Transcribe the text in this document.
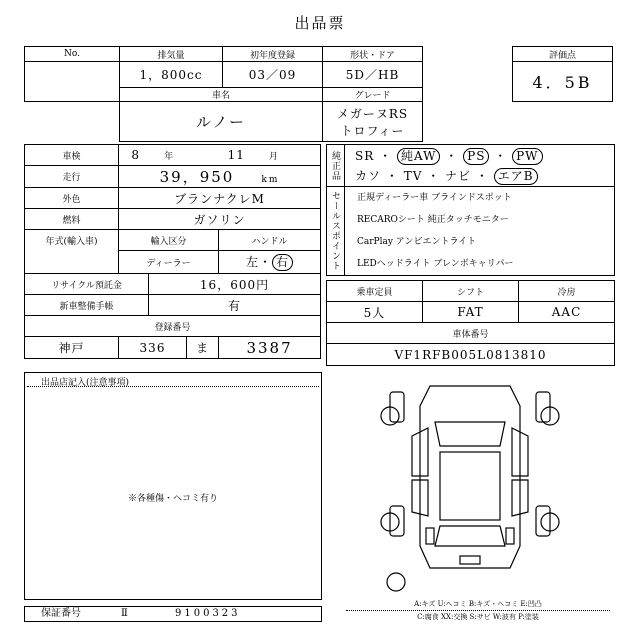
出品票
No.	排気量	初年度登録	形状・ドア		評価点
	1，800cc	03／09	5D／HB		4．5B
	車名		グレード		
	ルノー		メガーヌRS
トロフィー		

車検	8 年		11 月	
走行	39，950 km			
外色	ブランナクレM			
燃料	ガソリン			
年式(輸入車)	輸入区分			ハンドル
	ディーラー			左・ 右
リサイクル預託金		16，600円		
新車整備手帳		有		
登録番号				
神戸	336		ま	3387
純正品	SR ・ 純AW ・ PS ・ PW
カソ ・ TV ・ ナビ ・ エアB

セールスポイント	正規ディーラー車 ブラインドスポット
RECAROシート 純正タッチモニター
CarPlay アンビエントライト
LEDヘッドライト ブレンボキャリパー
乗車定員	シフト	冷房
5人	FAT	AAC
車体番号		
VF1RFB005L0813810		
出品店記入(注意事項)
※各種傷・ヘコミ有り
保証番号	Ⅱ	9100323
A:キズ U:ヘコミ B:キズ・ヘコミ E:凹凸
C:腐食 XX:交換 S:サビ W:波有 P:塗装
